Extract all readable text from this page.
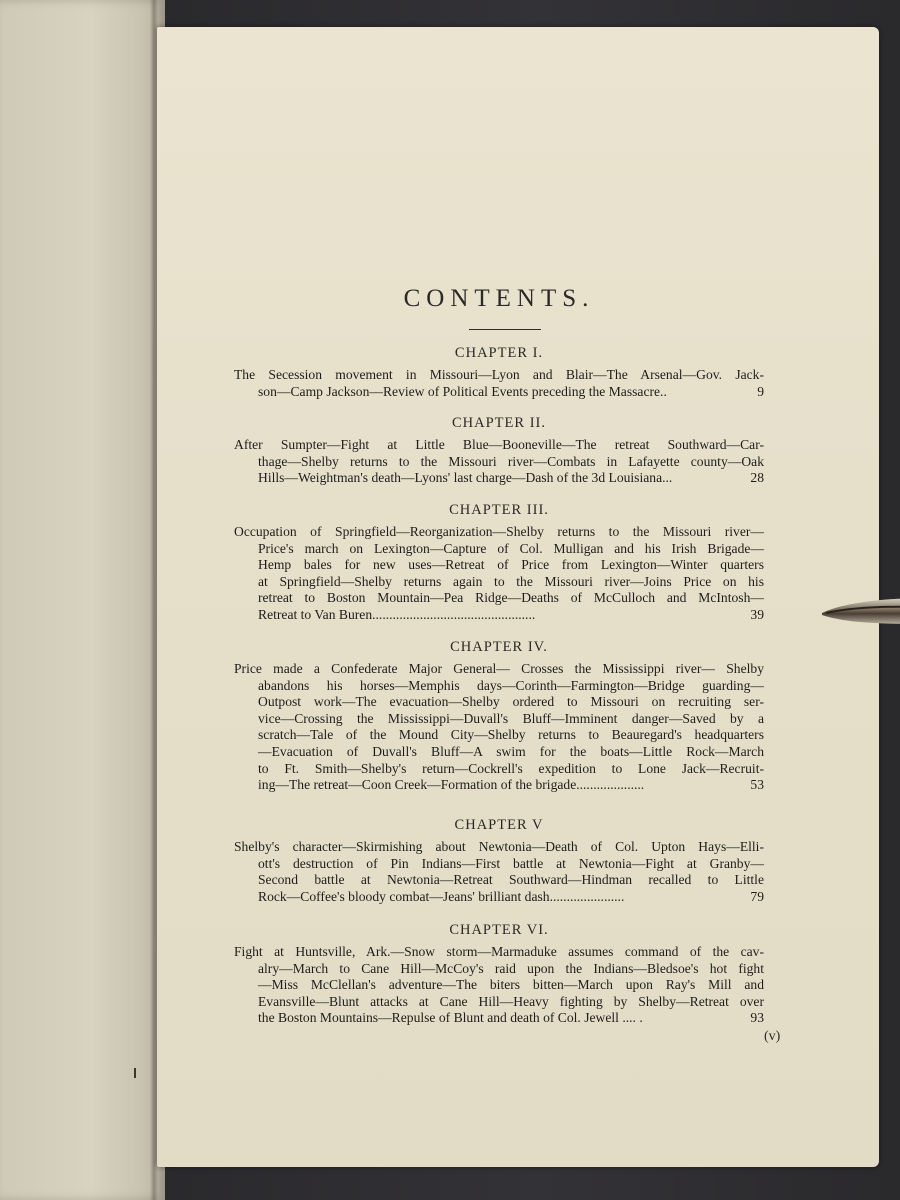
CONTENTS.
CHAPTER I.
The Secession movement in Missouri—Lyon and Blair—The Arsenal—Gov. Jack-
son—Camp Jackson—Review of Political Events preceding the Massacre..	9
CHAPTER II.
After Sumpter—Fight at Little Blue—Booneville—The retreat Southward—Car-
thage—Shelby returns to the Missouri river—Combats in Lafayette county—Oak
Hills—Weightman's death—Lyons' last charge—Dash of the 3d Louisiana...	28
CHAPTER III.
Occupation of Springfield—Reorganization—Shelby returns to the Missouri river—
Price's march on Lexington—Capture of Col. Mulligan and his Irish Brigade—
Hemp bales for new uses—Retreat of Price from Lexington—Winter quarters
at Springfield—Shelby returns again to the Missouri river—Joins Price on his
retreat to Boston Mountain—Pea Ridge—Deaths of McCulloch and McIntosh—
Retreat to Van Buren................................................	39
CHAPTER IV.
Price made a Confederate Major General— Crosses the Mississippi river— Shelby
abandons his horses—Memphis days—Corinth—Farmington—Bridge guarding—
Outpost work—The evacuation—Shelby ordered to Missouri on recruiting ser-
vice—Crossing the Mississippi—Duvall's Bluff—Imminent danger—Saved by a
scratch—Tale of the Mound City—Shelby returns to Beauregard's headquarters
—Evacuation of Duvall's Bluff—A swim for the boats—Little Rock—March
to Ft. Smith—Shelby's return—Cockrell's expedition to Lone Jack—Recruit-
ing—The retreat—Coon Creek—Formation of the brigade....................	53
CHAPTER V
Shelby's character—Skirmishing about Newtonia—Death of Col. Upton Hays—Elli-
ott's destruction of Pin Indians—First battle at Newtonia—Fight at Granby—
Second battle at Newtonia—Retreat Southward—Hindman recalled to Little
Rock—Coffee's bloody combat—Jeans' brilliant dash......................	79
CHAPTER VI.
Fight at Huntsville, Ark.—Snow storm—Marmaduke assumes command of the cav-
alry—March to Cane Hill—McCoy's raid upon the Indians—Bledsoe's hot fight
—Miss McClellan's adventure—The biters bitten—March upon Ray's Mill and
Evansville—Blunt attacks at Cane Hill—Heavy fighting by Shelby—Retreat over
the Boston Mountains—Repulse of Blunt and death of Col. Jewell .... .	93
(v)
